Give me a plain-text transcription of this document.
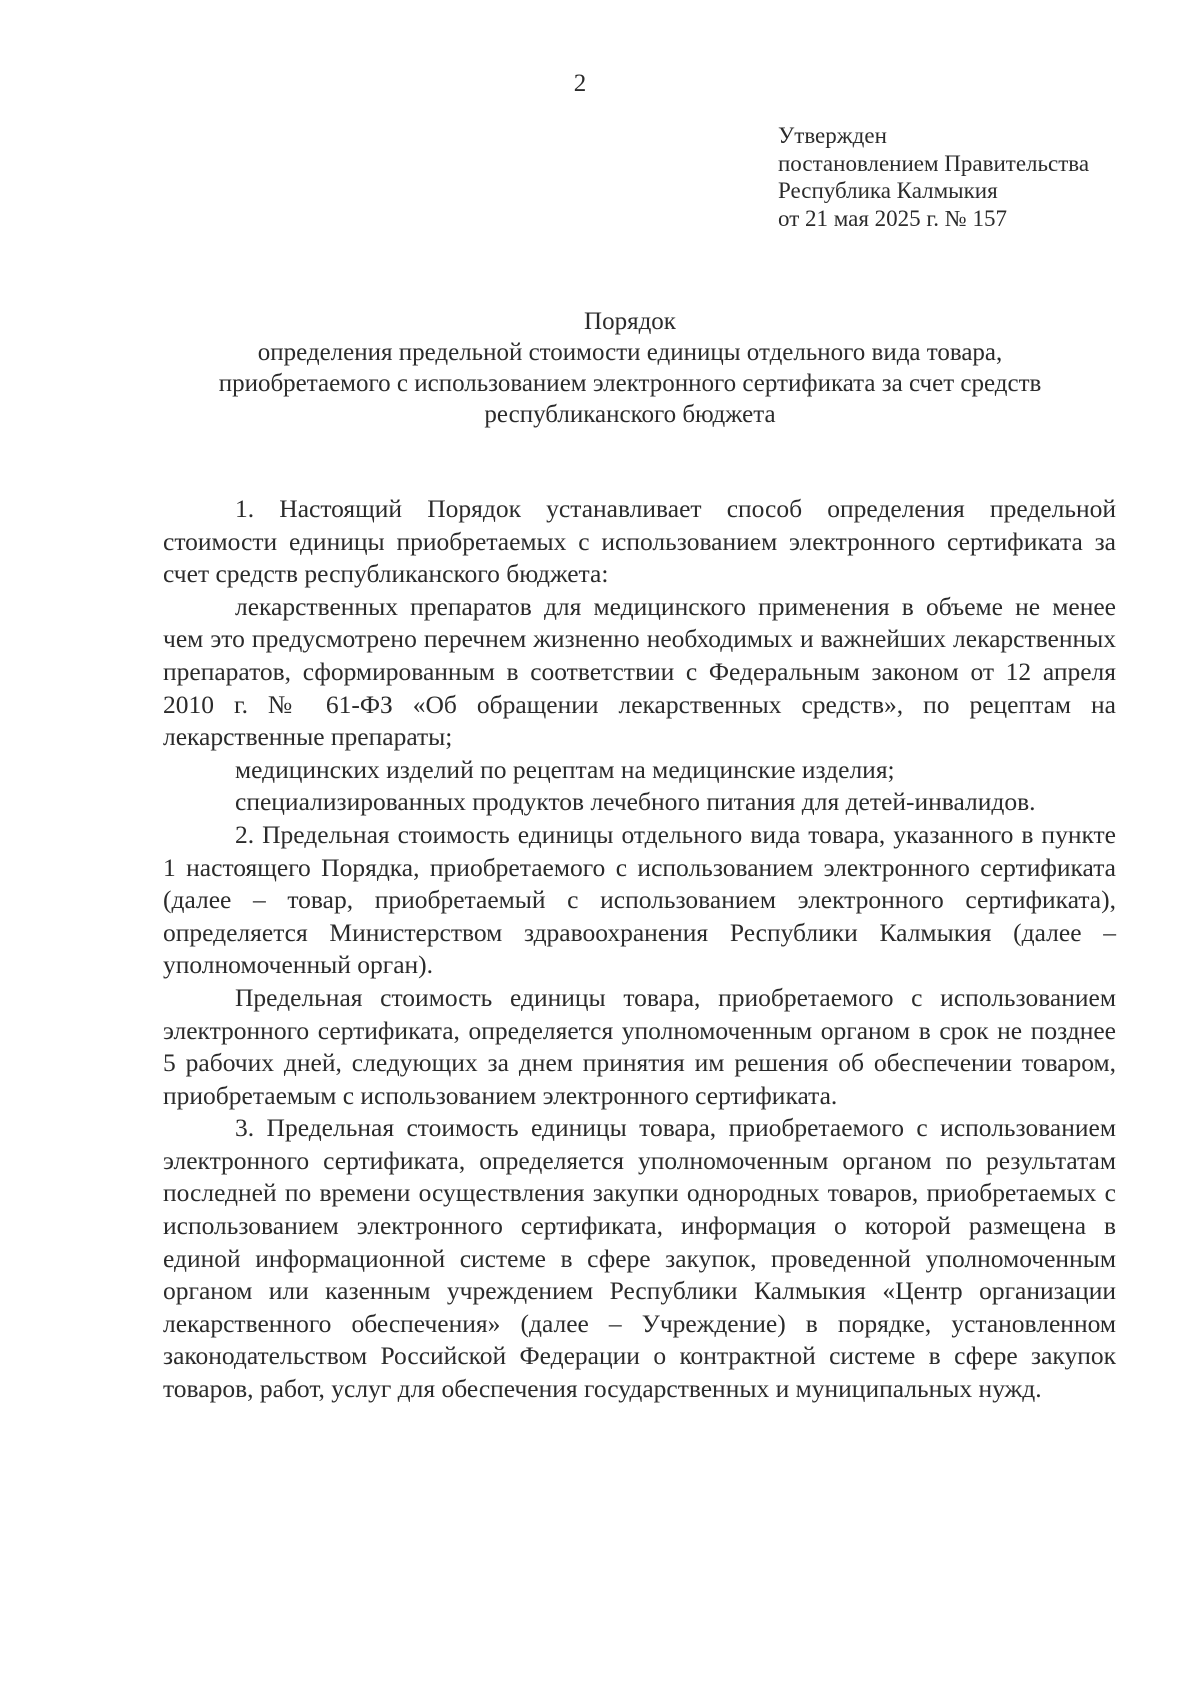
2
Утвержден
постановлением Правительства
Республика Калмыкия
от 21 мая 2025 г. № 157
Порядок
определения предельной стоимости единицы отдельного вида товара,
приобретаемого с использованием электронного сертификата за счет средств
республиканского бюджета

1. Настоящий Порядок устанавливает способ определения предельной стоимости единицы приобретаемых с использованием электронного сертификата за счет средств республиканского бюджета:

лекарственных препаратов для медицинского применения в объеме не менее чем это предусмотрено перечнем жизненно необходимых и важнейших лекарственных препаратов, сформированным в соответствии с Федеральным законом от 12 апреля 2010 г. № 61-ФЗ «Об обращении лекарственных средств», по рецептам на лекарственные препараты;

медицинских изделий по рецептам на медицинские изделия;

специализированных продуктов лечебного питания для детей-инвалидов.

2. Предельная стоимость единицы отдельного вида товара, указанного в пункте 1 настоящего Порядка, приобретаемого с использованием электронного сертификата (далее – товар, приобретаемый с использованием электронного сертификата), определяется Министерством здравоохранения Республики Калмыкия (далее – уполномоченный орган).

Предельная стоимость единицы товара, приобретаемого с использованием электронного сертификата, определяется уполномоченным органом в срок не позднее 5 рабочих дней, следующих за днем принятия им решения об обеспечении товаром, приобретаемым с использованием электронного сертификата.

3. Предельная стоимость единицы товара, приобретаемого с использованием электронного сертификата, определяется уполномоченным органом по результатам последней по времени осуществления закупки однородных товаров, приобретаемых с использованием электронного сертификата, информация о которой размещена в единой информационной системе в сфере закупок, проведенной уполномоченным органом или казенным учреждением Республики Калмыкия «Центр организации лекарственного обеспечения» (далее – Учреждение) в порядке, установленном законодательством Российской Федерации о контрактной системе в сфере закупок товаров, работ, услуг для обеспечения государственных и муниципальных нужд.
